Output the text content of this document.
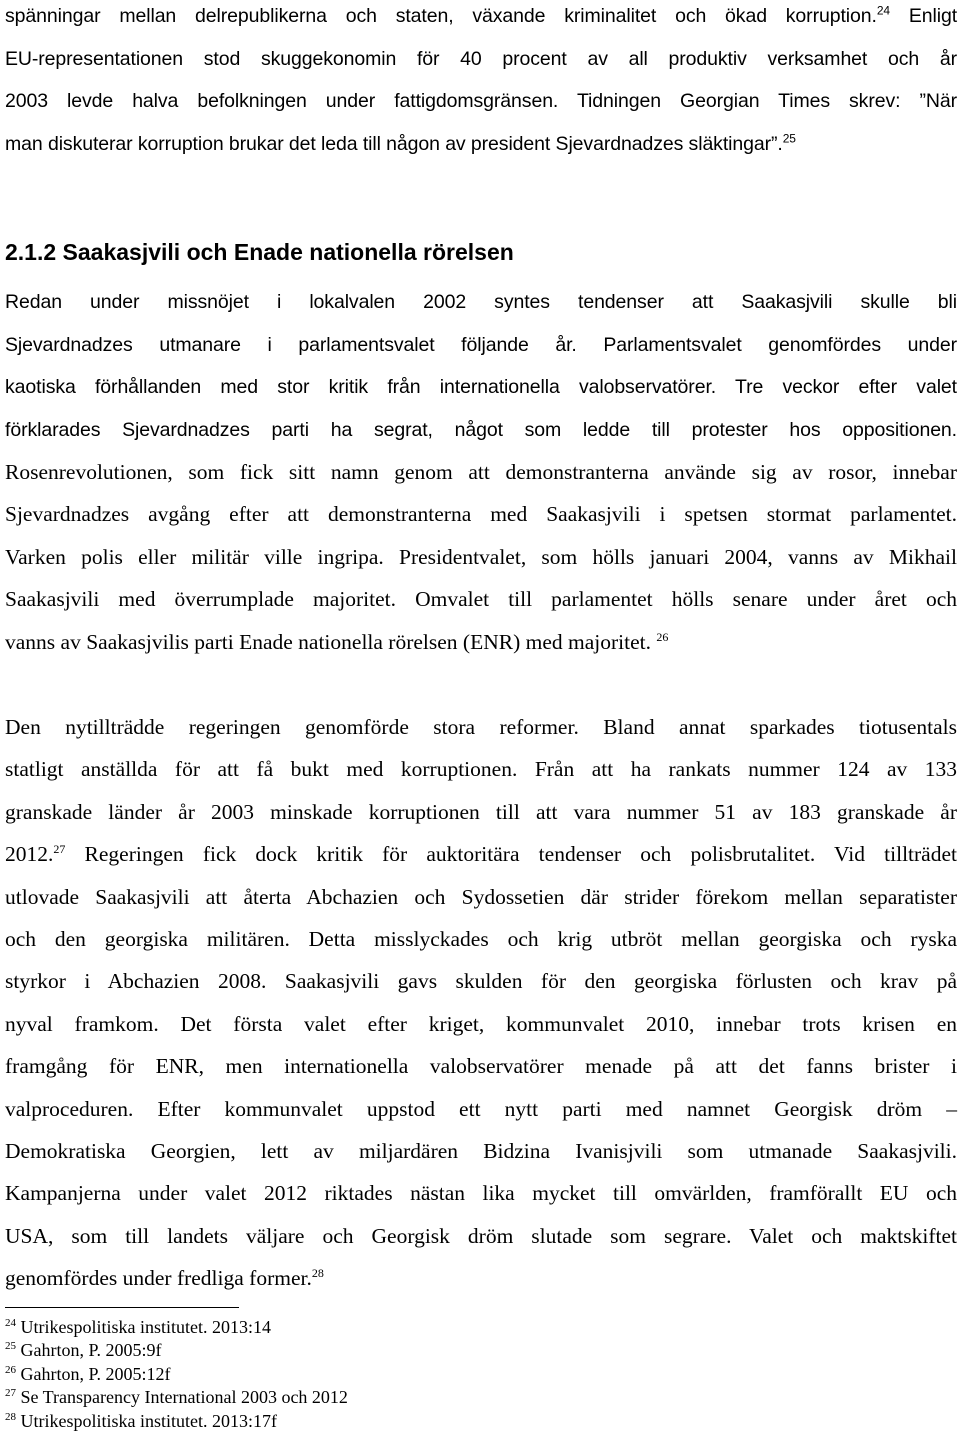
spänningar mellan delrepublikerna och staten, växande kriminalitet och ökad korruption.$^{24}$ Enligt

EU-representationen stod skuggekonomin för 40 procent av all produktiv verksamhet och år

2003 levde halva befolkningen under fattigdomsgränsen. Tidningen Georgian Times skrev: ”När

man diskuterar korruption brukar det leda till någon av president Sjevardnadzes släktingar”.$^{25}$

2.1.2 Saakasjvili och Enade nationella rörelsen

Redan under missnöjet i lokalvalen 2002 syntes tendenser att Saakasjvili skulle bli

Sjevardnadzes utmanare i parlamentsvalet följande år. Parlamentsvalet genomfördes under

kaotiska förhållanden med stor kritik från internationella valobservatörer. Tre veckor efter valet

förklarades Sjevardnadzes parti ha segrat, något som ledde till protester hos oppositionen.

Rosenrevolutionen, som fick sitt namn genom att demonstranterna använde sig av rosor, innebar

Sjevardnadzes avgång efter att demonstranterna med Saakasjvili i spetsen stormat parlamentet.

Varken polis eller militär ville ingripa. Presidentvalet, som hölls januari 2004, vanns av Mikhail

Saakasjvili med överrumplade majoritet. Omvalet till parlamentet hölls senare under året och

vanns av Saakasjvilis parti Enade nationella rörelsen (ENR) med majoritet. $^{26}$

Den nytillträdde regeringen genomförde stora reformer. Bland annat sparkades tiotusentals

statligt anställda för att få bukt med korruptionen. Från att ha rankats nummer 124 av 133

granskade länder år 2003 minskade korruptionen till att vara nummer 51 av 183 granskade år

2012.27 Regeringen fick dock kritik för auktoritära tendenser och polisbrutalitet. Vid tillträdet

utlovade Saakasjvili att återta Abchazien och Sydossetien där strider förekom mellan separatister

och den georgiska militären. Detta misslyckades och krig utbröt mellan georgiska och ryska

styrkor i Abchazien 2008. Saakasjvili gavs skulden för den georgiska förlusten och krav på

nyval framkom. Det första valet efter kriget, kommunvalet 2010, innebar trots krisen en

framgång för ENR, men internationella valobservatörer menade på att det fanns brister i

valproceduren. Efter kommunvalet uppstod ett nytt parti med namnet Georgisk dröm –

Demokratiska Georgien, lett av miljardären Bidzina Ivanisjvili som utmanade Saakasjvili.

Kampanjerna under valet 2012 riktades nästan lika mycket till omvärlden, framförallt EU och

USA, som till landets väljare och Georgisk dröm slutade som segrare. Valet och maktskiftet

genomfördes under fredliga former.$^{28}$

$^{24}$ Utrikespolitiska institutet. 2013:14
$^{25}$ Gahrton, P. 2005:9f
$^{26}$ Gahrton, P. 2005:12f
$^{27}$ Se Transparency International 2003 och 2012
$^{28}$ Utrikespolitiska institutet. 2013:17f
